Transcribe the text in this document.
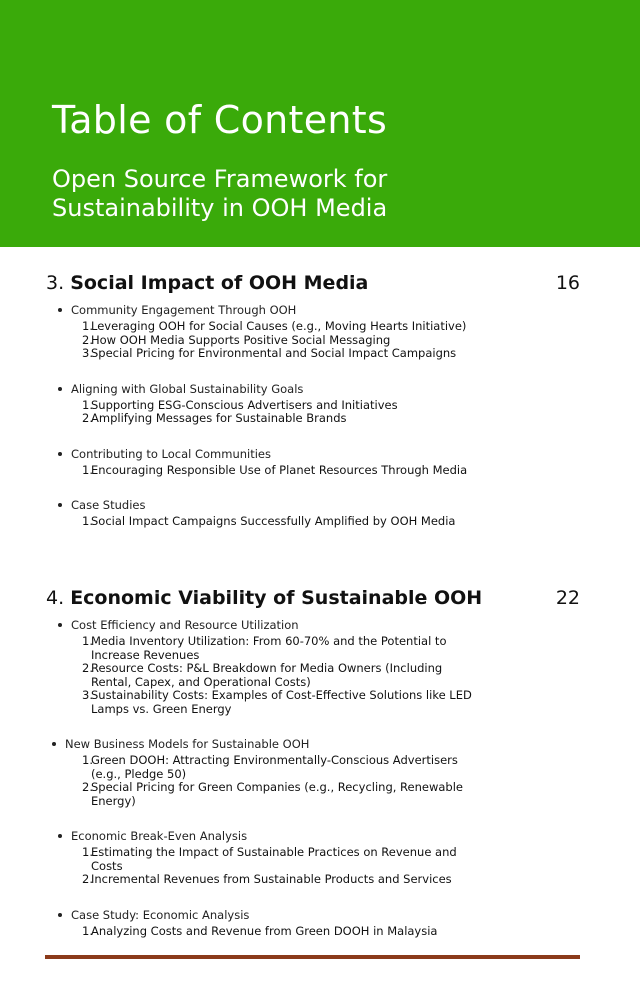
Table of Contents
Open Source Framework for
Sustainability in OOH Media
3. Social Impact of OOH Media	16
Community Engagement Through OOH
1.
Leveraging OOH for Social Causes (e.g., Moving Hearts Initiative)
2.
How OOH Media Supports Positive Social Messaging
3.
Special Pricing for Environmental and Social Impact Campaigns
Aligning with Global Sustainability Goals
1.
Supporting ESG-Conscious Advertisers and Initiatives
2.
Amplifying Messages for Sustainable Brands
Contributing to Local Communities
1.
Encouraging Responsible Use of Planet Resources Through Media
Case Studies
1.
Social Impact Campaigns Successfully Amplified by OOH Media
4. Economic Viability of Sustainable OOH	22
Cost Efficiency and Resource Utilization
1.
Media Inventory Utilization: From 60-70% and the Potential to Increase Revenues
2.
Resource Costs: P&L Breakdown for Media Owners (Including Rental, Capex, and Operational Costs)
3.
Sustainability Costs: Examples of Cost-Effective Solutions like LED Lamps vs. Green Energy
New Business Models for Sustainable OOH
1.
Green DOOH: Attracting Environmentally-Conscious Advertisers (e.g., Pledge 50)
2.
Special Pricing for Green Companies (e.g., Recycling, Renewable Energy)
Economic Break-Even Analysis
1.
Estimating the Impact of Sustainable Practices on Revenue and Costs
2.
Incremental Revenues from Sustainable Products and Services
Case Study: Economic Analysis
1.
Analyzing Costs and Revenue from Green DOOH in Malaysia
